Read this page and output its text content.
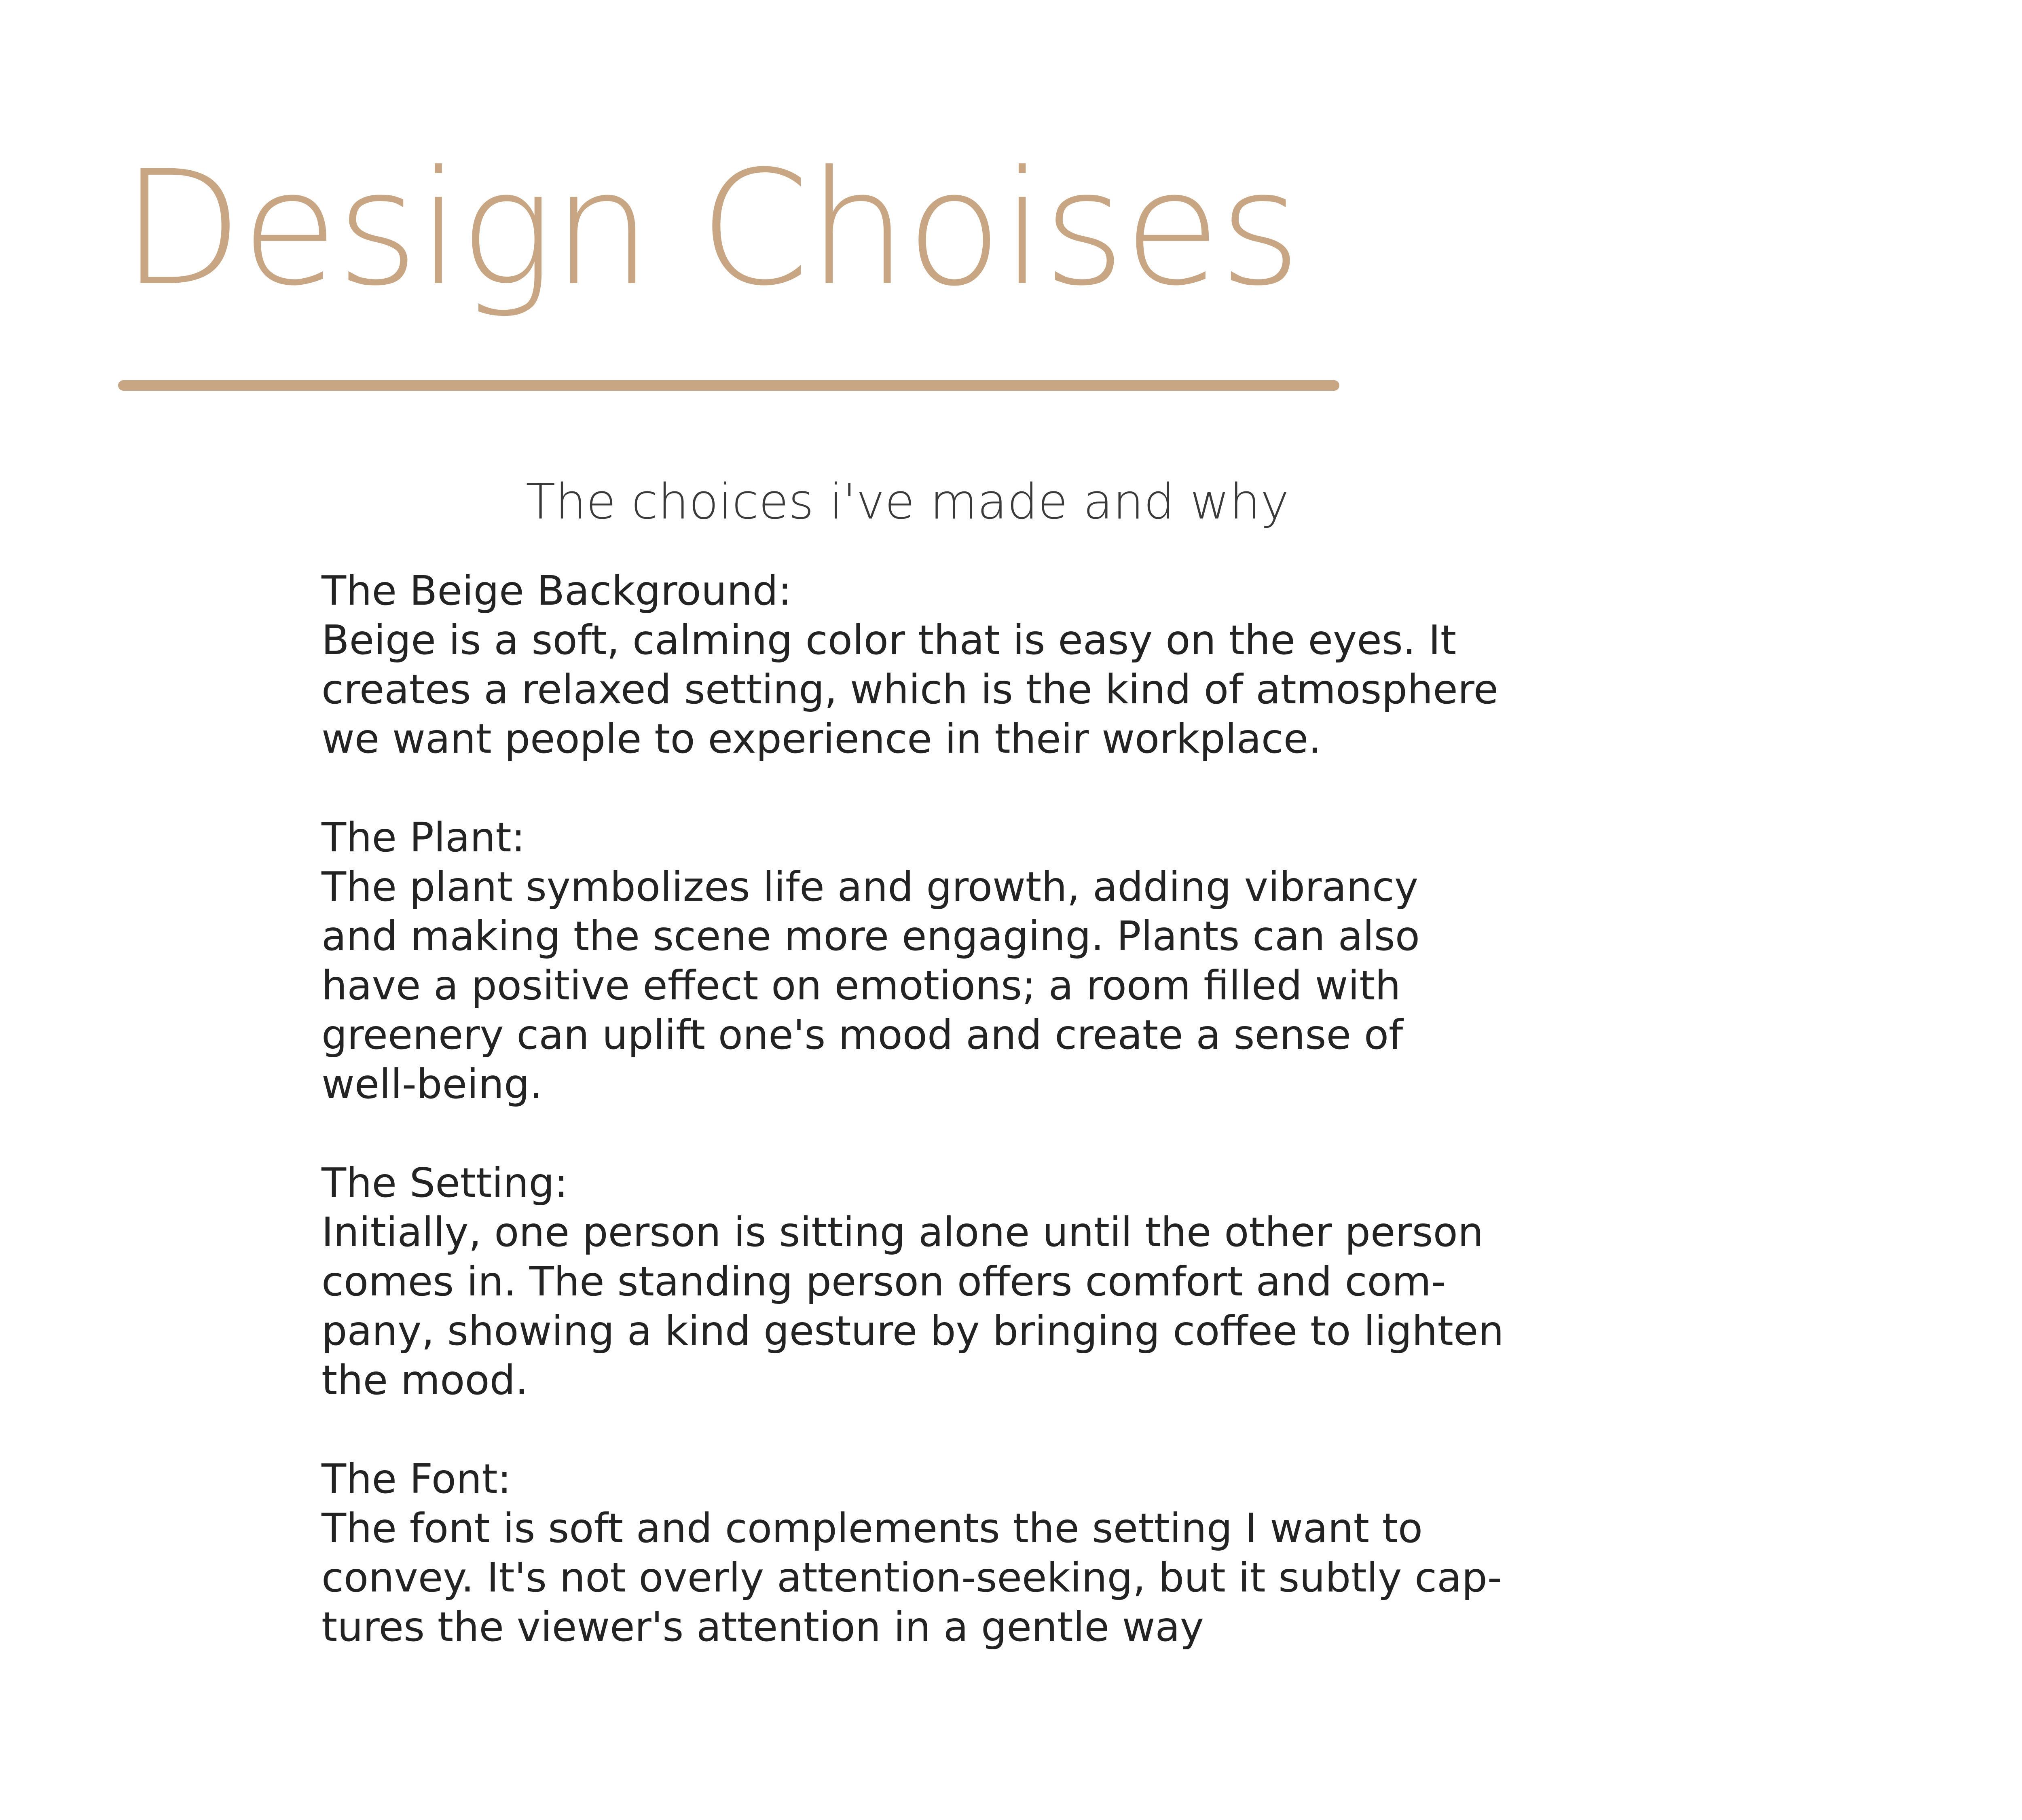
Design Choises

The choices i've made and why

The Beige Background:
Beige is a soft, calming color that is easy on the eyes. It
creates a relaxed setting, which is the kind of atmosphere
we want people to experience in their workplace.
The Plant:
The plant symbolizes life and growth, adding vibrancy
and making the scene more engaging. Plants can also
have a positive effect on emotions; a room filled with
greenery can uplift one's mood and create a sense of
well-being.
The Setting:
Initially, one person is sitting alone until the other person
comes in. The standing person offers comfort and com-
pany, showing a kind gesture by bringing coffee to lighten
the mood.
The Font:
The font is soft and complements the setting I want to
convey. It's not overly attention-seeking, but it subtly cap-
tures the viewer's attention in a gentle way
